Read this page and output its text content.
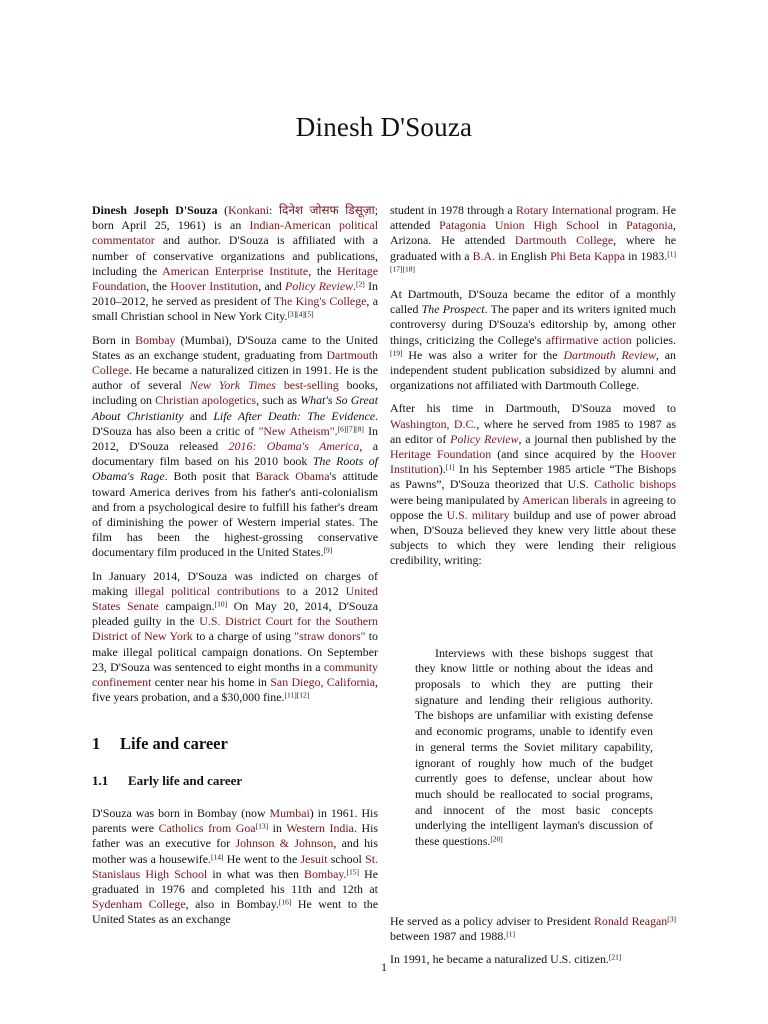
Dinesh D'Souza

Dinesh Joseph D'Souza (Konkani: दिनेश जोसफ डिसूज़ा; born April 25, 1961) is an Indian-American political commentator and author. D'Souza is affiliated with a number of conservative organizations and publications, including the American Enterprise Institute, the Heritage Foundation, the Hoover Institution, and Policy Review.[2] In 2010–2012, he served as president of The King's College, a small Christian school in New York City.[3][4][5]

Born in Bombay (Mumbai), D'Souza came to the United States as an exchange student, graduating from Dartmouth College. He became a naturalized citizen in 1991. He is the author of several New York Times best-selling books, including on Christian apologetics, such as What's So Great About Christianity and Life After Death: The Evidence. D'Souza has also been a critic of "New Atheism".[6][7][8] In 2012, D'Souza released 2016: Obama's America, a documentary film based on his 2010 book The Roots of Obama's Rage. Both posit that Barack Obama's attitude toward America derives from his father's anti-colonialism and from a psychological desire to fulfill his father's dream of diminishing the power of Western imperial states. The film has been the highest-grossing conservative documentary film produced in the United States.[9]

In January 2014, D'Souza was indicted on charges of making illegal political contributions to a 2012 United States Senate campaign.[10] On May 20, 2014, D'Souza pleaded guilty in the U.S. District Court for the Southern District of New York to a charge of using "straw donors" to make illegal political campaign donations. On September 23, D'Souza was sentenced to eight months in a community confinement center near his home in San Diego, California, five years probation, and a $30,000 fine.[11][12]

1 Life and career
1.1 Early life and career

D'Souza was born in Bombay (now Mumbai) in 1961. His parents were Catholics from Goa[13] in Western India. His father was an executive for Johnson & Johnson, and his mother was a housewife.[14] He went to the Jesuit school St. Stanislaus High School in what was then Bombay.[15] He graduated in 1976 and completed his 11th and 12th at Sydenham College, also in Bombay.[16] He went to the United States as an exchange

student in 1978 through a Rotary International program. He attended Patagonia Union High School in Patagonia, Arizona. He attended Dartmouth College, where he graduated with a B.A. in English Phi Beta Kappa in 1983.[1][17][18]

At Dartmouth, D'Souza became the editor of a monthly called The Prospect. The paper and its writers ignited much controversy during D'Souza's editorship by, among other things, criticizing the College's affirmative action policies.[19] He was also a writer for the Dartmouth Review, an independent student publication subsidized by alumni and organizations not affiliated with Dartmouth College.

After his time in Dartmouth, D'Souza moved to Washington, D.C., where he served from 1985 to 1987 as an editor of Policy Review, a journal then published by the Heritage Foundation (and since acquired by the Hoover Institution).[1] In his September 1985 article “The Bishops as Pawns”, D'Souza theorized that U.S. Catholic bishops were being manipulated by American liberals in agreeing to oppose the U.S. military buildup and use of power abroad when, D'Souza believed they knew very little about these subjects to which they were lending their religious credibility, writing:

Interviews with these bishops suggest that they know little or nothing about the ideas and proposals to which they are putting their signature and lending their religious authority. The bishops are unfamiliar with existing defense and economic programs, unable to identify even in general terms the Soviet military capability, ignorant of roughly how much of the budget currently goes to defense, unclear about how much should be reallocated to social programs, and innocent of the most basic concepts underlying the intelligent layman's discussion of these questions.[20]

He served as a policy adviser to President Ronald Reagan[3] between 1987 and 1988.[1]

In 1991, he became a naturalized U.S. citizen.[21]

1
